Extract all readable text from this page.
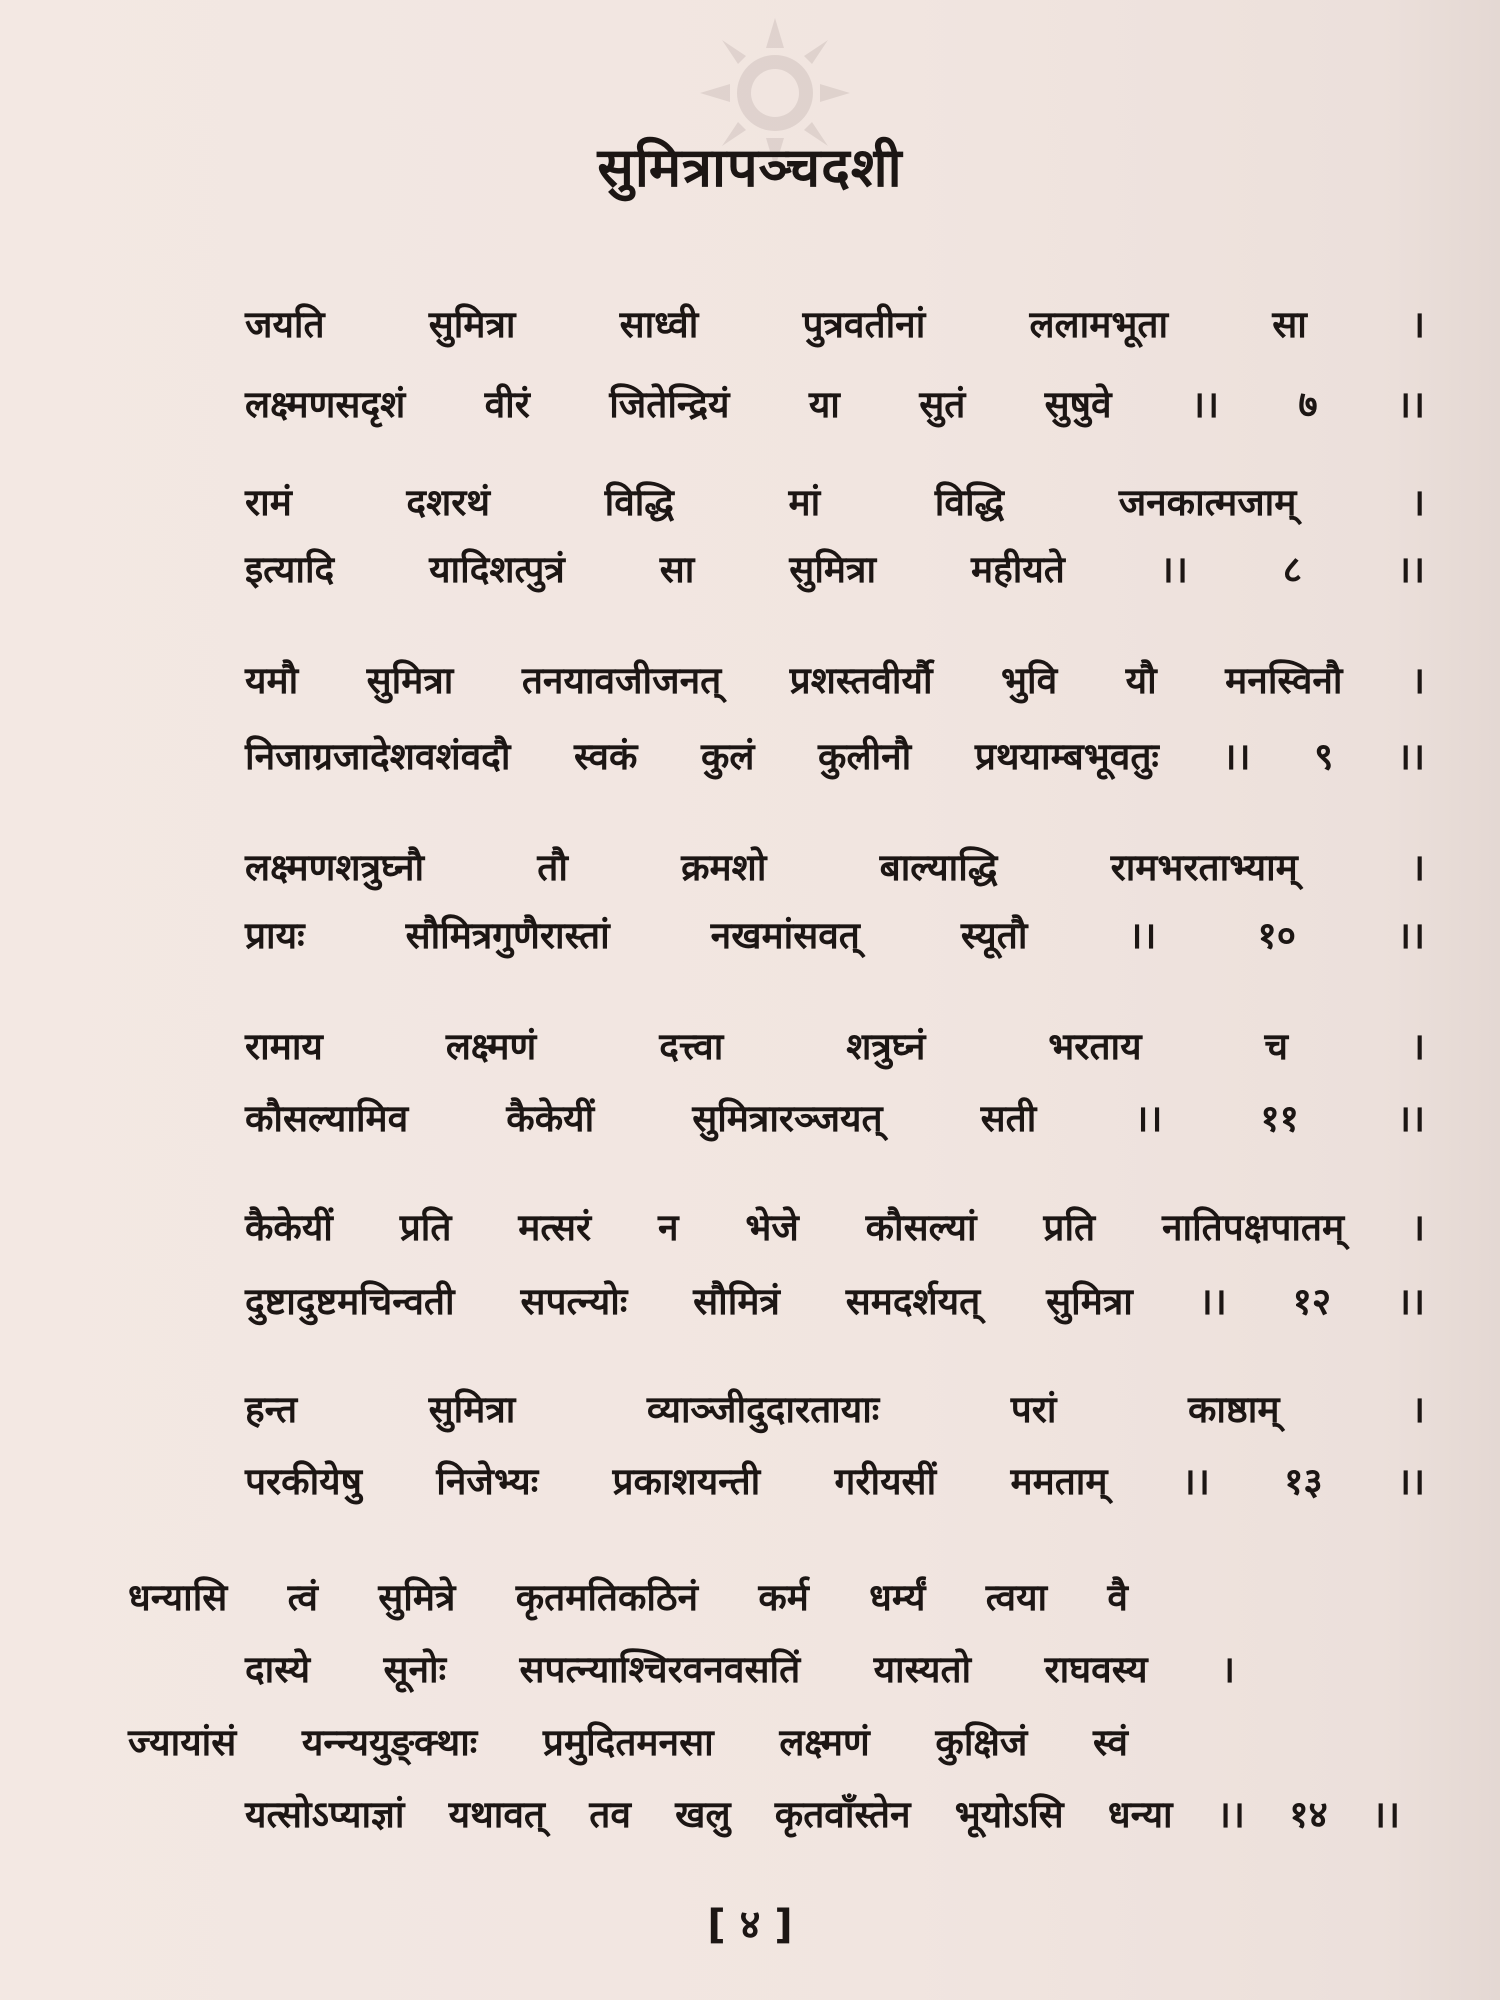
सुमित्रापञ्चदशी
जयति सुमित्रा साध्वी पुत्रवतीनां ललामभूता सा ।
लक्ष्मणसदृशं वीरं जितेन्द्रियं या सुतं सुषुवे ।। ७ ।।
रामं दशरथं विद्धि मां विद्धि जनकात्मजाम् ।
इत्यादि यादिशत्पुत्रं सा सुमित्रा महीयते ।। ८ ।।
यमौ सुमित्रा तनयावजीजनत् प्रशस्तवीर्यौ भुवि यौ मनस्विनौ ।
निजाग्रजादेशवशंवदौ स्वकं कुलं कुलीनौ प्रथयाम्बभूवतुः ।। ९ ।।
लक्ष्मणशत्रुघ्नौ तौ क्रमशो बाल्याद्धि रामभरताभ्याम् ।
प्रायः सौमित्रगुणैरास्तां नखमांसवत् स्यूतौ ।। १० ।।
रामाय लक्ष्मणं दत्त्वा शत्रुघ्नं भरताय च ।
कौसल्यामिव कैकेयीं सुमित्रारञ्जयत् सती ।। ११ ।।
कैकेयीं प्रति मत्सरं न भेजे कौसल्यां प्रति नातिपक्षपातम् ।
दुष्टादुष्टमचिन्वती सपत्न्योः सौमित्रं समदर्शयत् सुमित्रा ।। १२ ।।
हन्त सुमित्रा व्याञ्जीदुदारतायाः परां काष्ठाम् ।
परकीयेषु निजेभ्यः प्रकाशयन्ती गरीयसीं ममताम् ।। १३ ।।
धन्यासि त्वं सुमित्रे कृतमतिकठिनं कर्म धर्म्यं त्वया वै
दास्ये सूनोः सपत्न्याश्चिरवनवसतिं यास्यतो राघवस्य ।
ज्यायांसं यन्न्ययुङ्क्थाः प्रमुदितमनसा लक्ष्मणं कुक्षिजं स्वं
यत्सोऽप्याज्ञां यथावत् तव खलु कृतवाँस्तेन भूयोऽसि धन्या ।। १४ ।।
[ ४ ]
